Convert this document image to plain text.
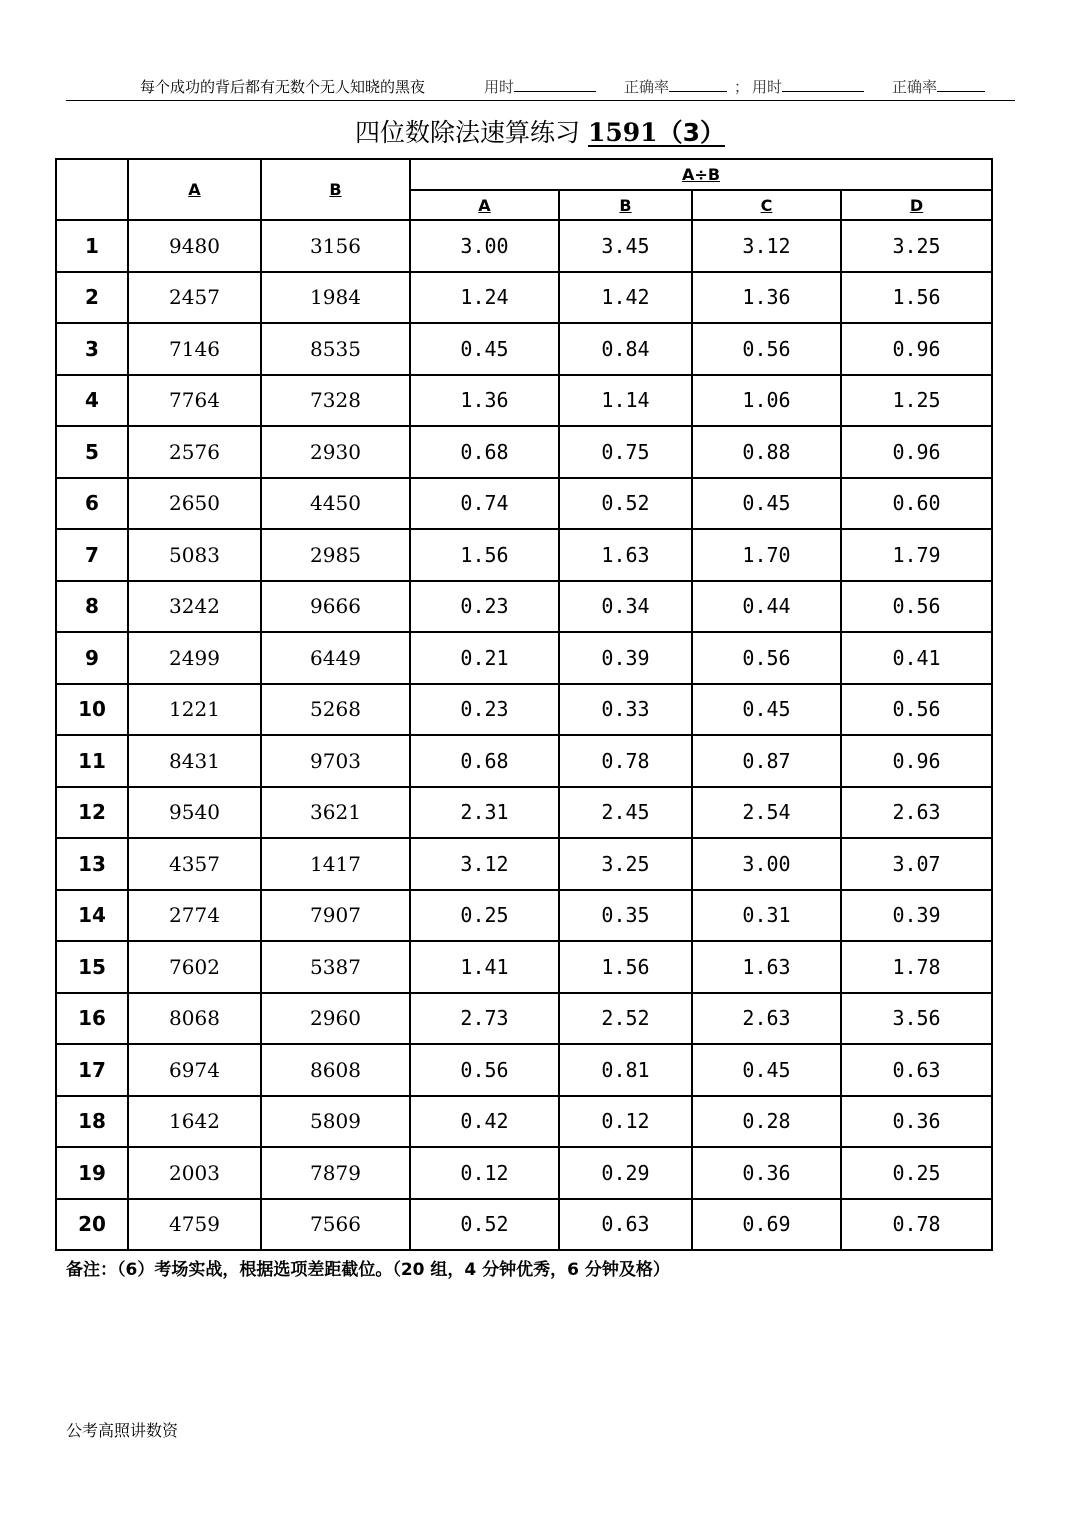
每个成功的背后都有无数个无人知晓的黑夜	用时	正确率	； 用时	正确率
四位数除法速算练习 1591（3）
	A	B	A÷B			
			A	B	C	D
1	9480	3156	3.00	3.45	3.12	3.25
2	2457	1984	1.24	1.42	1.36	1.56
3	7146	8535	0.45	0.84	0.56	0.96
4	7764	7328	1.36	1.14	1.06	1.25
5	2576	2930	0.68	0.75	0.88	0.96
6	2650	4450	0.74	0.52	0.45	0.60
7	5083	2985	1.56	1.63	1.70	1.79
8	3242	9666	0.23	0.34	0.44	0.56
9	2499	6449	0.21	0.39	0.56	0.41
10	1221	5268	0.23	0.33	0.45	0.56
11	8431	9703	0.68	0.78	0.87	0.96
12	9540	3621	2.31	2.45	2.54	2.63
13	4357	1417	3.12	3.25	3.00	3.07
14	2774	7907	0.25	0.35	0.31	0.39
15	7602	5387	1.41	1.56	1.63	1.78
16	8068	2960	2.73	2.52	2.63	3.56
17	6974	8608	0.56	0.81	0.45	0.63
18	1642	5809	0.42	0.12	0.28	0.36
19	2003	7879	0.12	0.29	0.36	0.25
20	4759	7566	0.52	0.63	0.69	0.78
备注：（6）考场实战，根据选项差距截位。（20 组，4 分钟优秀，6 分钟及格）
公考高照讲数资
